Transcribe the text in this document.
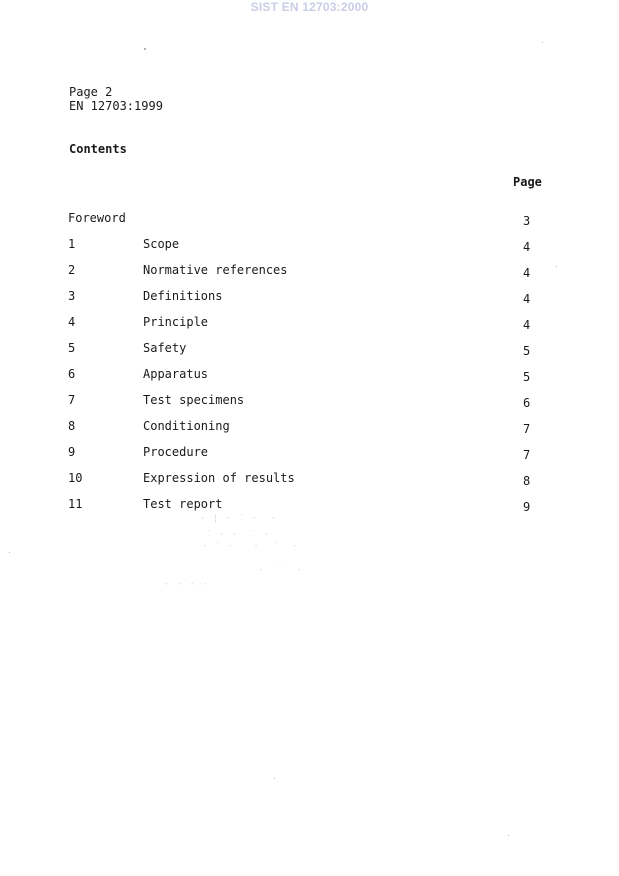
SIST EN 12703:2000
Page 2
EN 12703:1999
Contents
Page
Foreword	3
1	Scope	4
2	Normative references	4
3	Definitions	4
4	Principle	4
5	Safety	5
6	Apparatus	5
7	Test specimens	6
8	Conditioning	7
9	Procedure	7
10	Expression of results	8
11	Test report	9
· ¦ · ˙ ·  ·
˙ · ·  ˙ ·
· ˙ ·   ·  ˙  ·
·  ˙  ·
· ·˙· ·
